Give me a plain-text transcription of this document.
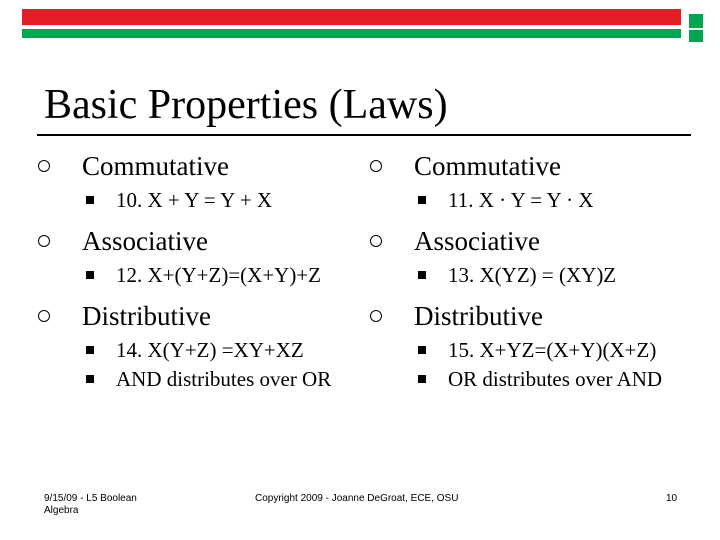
Basic Properties (Laws)
Commutative
10. X + Y = Y + X
Associative
12. X+(Y+Z)=(X+Y)+Z
Distributive
14. X(Y+Z) =XY+XZ
AND distributes over OR
Commutative
11. X · Y = Y · X
Associative
13. X(YZ) = (XY)Z
Distributive
15. X+YZ=(X+Y)(X+Z)
OR distributes over AND
9/15/09 - L5 Boolean Algebra
Copyright 2009 - Joanne DeGroat, ECE, OSU	10
